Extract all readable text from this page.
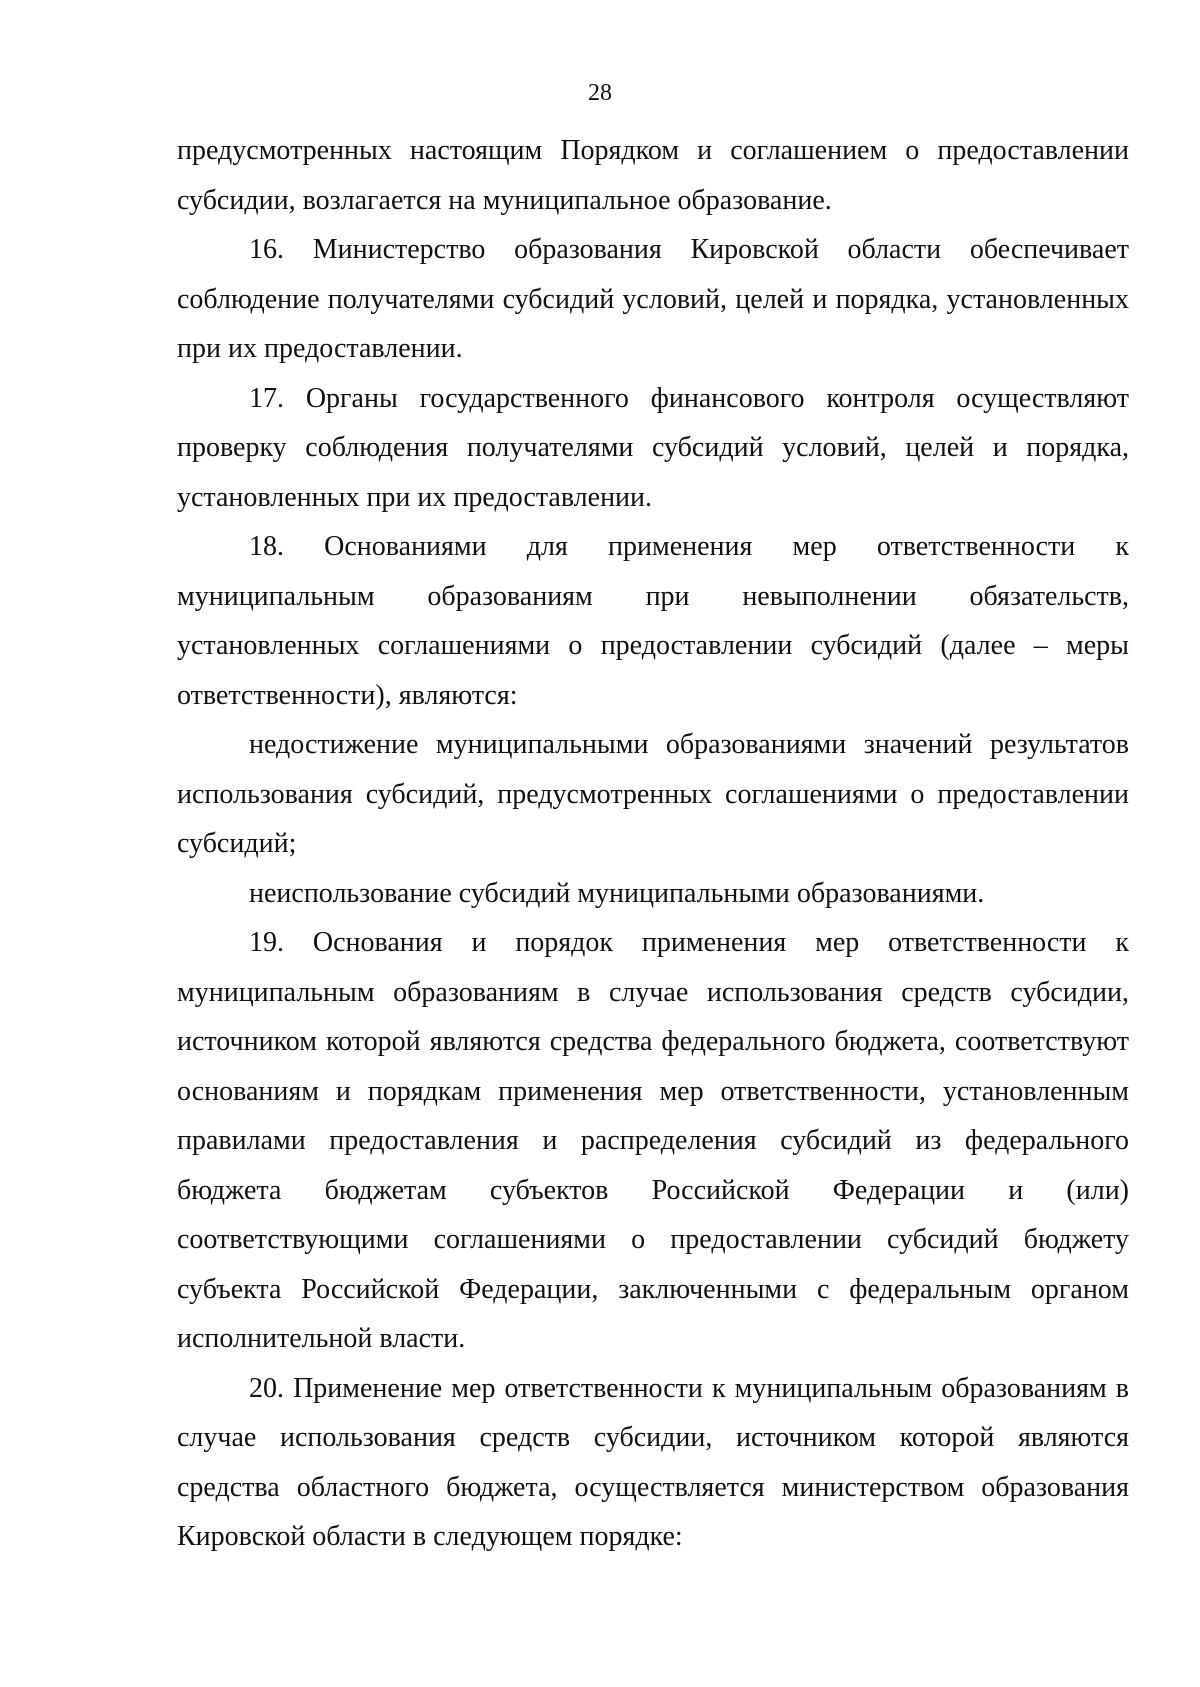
28

предусмотренных настоящим Порядком и соглашением о предоставлении субсидии, возлагается на муниципальное образование.

16. Министерство образования Кировской области обеспечивает соблюдение получателями субсидий условий, целей и порядка, установленных при их предоставлении.

17. Органы государственного финансового контроля осуществляют проверку соблюдения получателями субсидий условий, целей и порядка, установленных при их предоставлении.

18. Основаниями для применения мер ответственности к муниципальным образованиям при невыполнении обязательств, установленных соглашениями о предоставлении субсидий (далее – меры ответственности), являются:

недостижение муниципальными образованиями значений результатов использования субсидий, предусмотренных соглашениями о предоставлении субсидий;

неиспользование субсидий муниципальными образованиями.

19. Основания и порядок применения мер ответственности к муниципальным образованиям в случае использования средств субсидии, источником которой являются средства федерального бюджета, соответствуют основаниям и порядкам применения мер ответственности, установленным правилами предоставления и распределения субсидий из федерального бюджета бюджетам субъектов Российской Федерации и (или) соответствующими соглашениями о предоставлении субсидий бюджету субъекта Российской Федерации, заключенными с федеральным органом исполнительной власти.

20. Применение мер ответственности к муниципальным образованиям в случае использования средств субсидии, источником которой являются средства областного бюджета, осуществляется министерством образования Кировской области в следующем порядке:
